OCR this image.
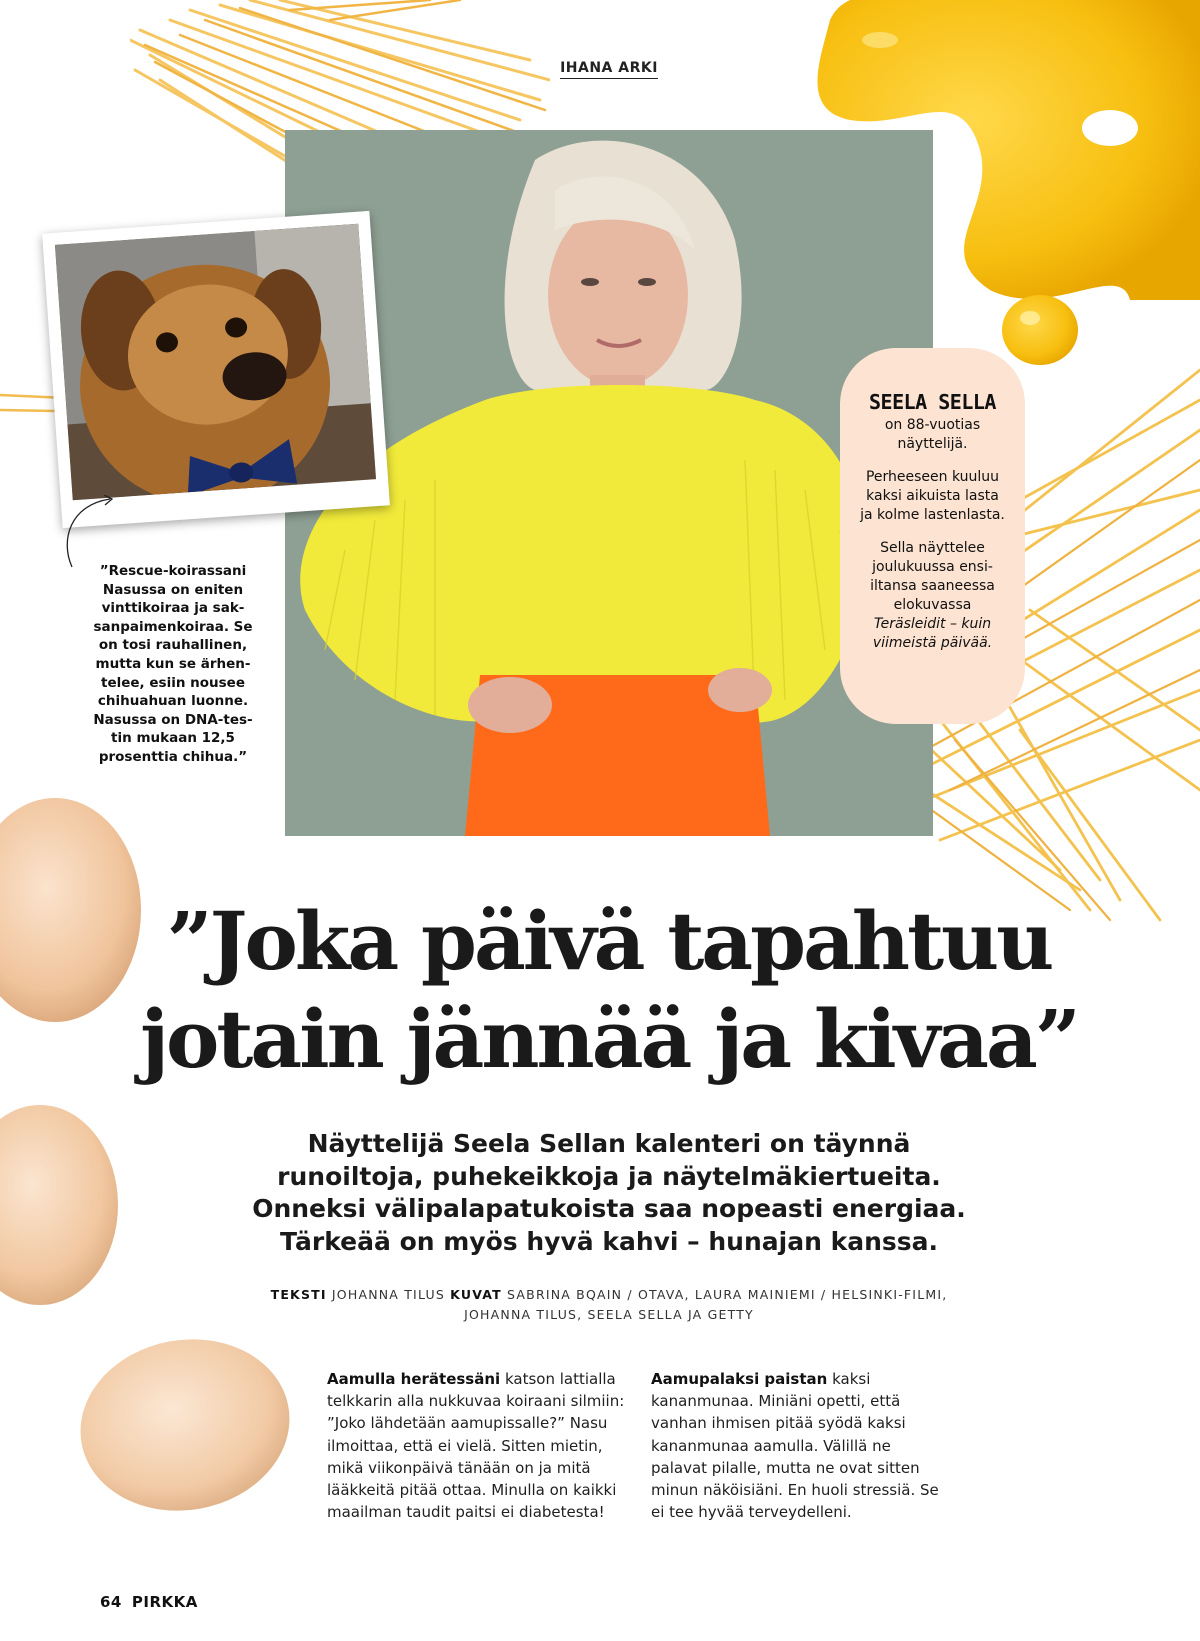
IHANA ARKI
”Rescue-koirassani
Nasussa on eniten
vinttikoiraa ja sak-
sanpaimenkoiraa. Se
on tosi rauhallinen,
mutta kun se ärhen-
telee, esiin nousee
chihuahuan luonne.
Nasussa on DNA-tes-
tin mukaan 12,5
prosenttia chihua.”
SEELA SELLA

on 88-vuotias näyttelijä.

Perheeseen kuuluu kaksi aikuista lasta ja kolme lastenlasta.

Sella näyttelee joulukuussa ensi-iltansa saaneessa elokuvassa Teräsleidit – kuin viimeistä päivää.

”Joka päivä tapahtuu
jotain jännää ja kivaa”
Näyttelijä Seela Sellan kalenteri on täynnä
runoiltoja, puhekeikkoja ja näytelmäkiertueita.
Onneksi välipalapatukoista saa nopeasti energiaa.
Tärkeää on myös hyvä kahvi – hunajan kanssa.
TEKSTI JOHANNA TILUS KUVAT SABRINA BQAIN / OTAVA, LAURA MAINIEMI / HELSINKI-FILMI,
JOHANNA TILUS, SEELA SELLA JA GETTY
Aamulla herätessäni katson lattialla telkkarin alla nukkuvaa koiraani silmiin: ”Joko lähdetään aamupissalle?” Nasu ilmoittaa, että ei vielä. Sitten mietin, mikä viikonpäivä tänään on ja mitä lääkkeitä pitää ottaa. Minulla on kaikki maailman taudit paitsi ei diabetesta!
Aamupalaksi paistan kaksi kananmunaa. Miniäni opetti, että vanhan ihmisen pitää syödä kaksi kananmunaa aamulla. Välillä ne palavat pilalle, mutta ne ovat sitten minun näköisiäni. En huoli stressiä. Se ei tee hyvää terveydelleni.
64 PIRKKA
